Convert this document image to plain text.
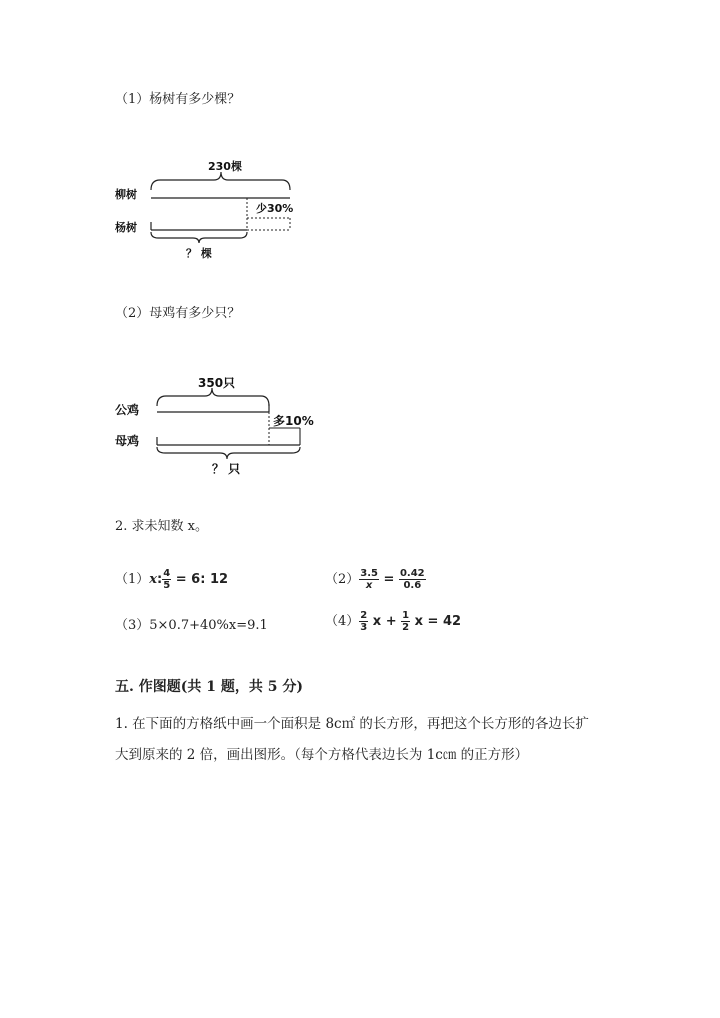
（1）杨树有多少棵？
230棵
柳树
杨树
少30%
？ 棵
（2）母鸡有多少只？
350只
公鸡
母鸡
多10%
？ 只
2. 求未知数 x。
（1）x: $\frac{4}{5} = 6$: 12	$(2) \frac{3.5}{x} = \frac{0.42}{0.6}$
（3）5×0.7+40%x=9.1	$(4) \frac{2}{3}$ $x + \frac{1}{2}$ x = 42
五. 作图题(共 1 题，共 5 分)
1. 在下面的方格纸中画一个面积是 8c㎡ 的长方形，再把这个长方形的各边长扩
大到原来的 2 倍，画出图形。（每个方格代表边长为 1c㎝ 的正方形）
